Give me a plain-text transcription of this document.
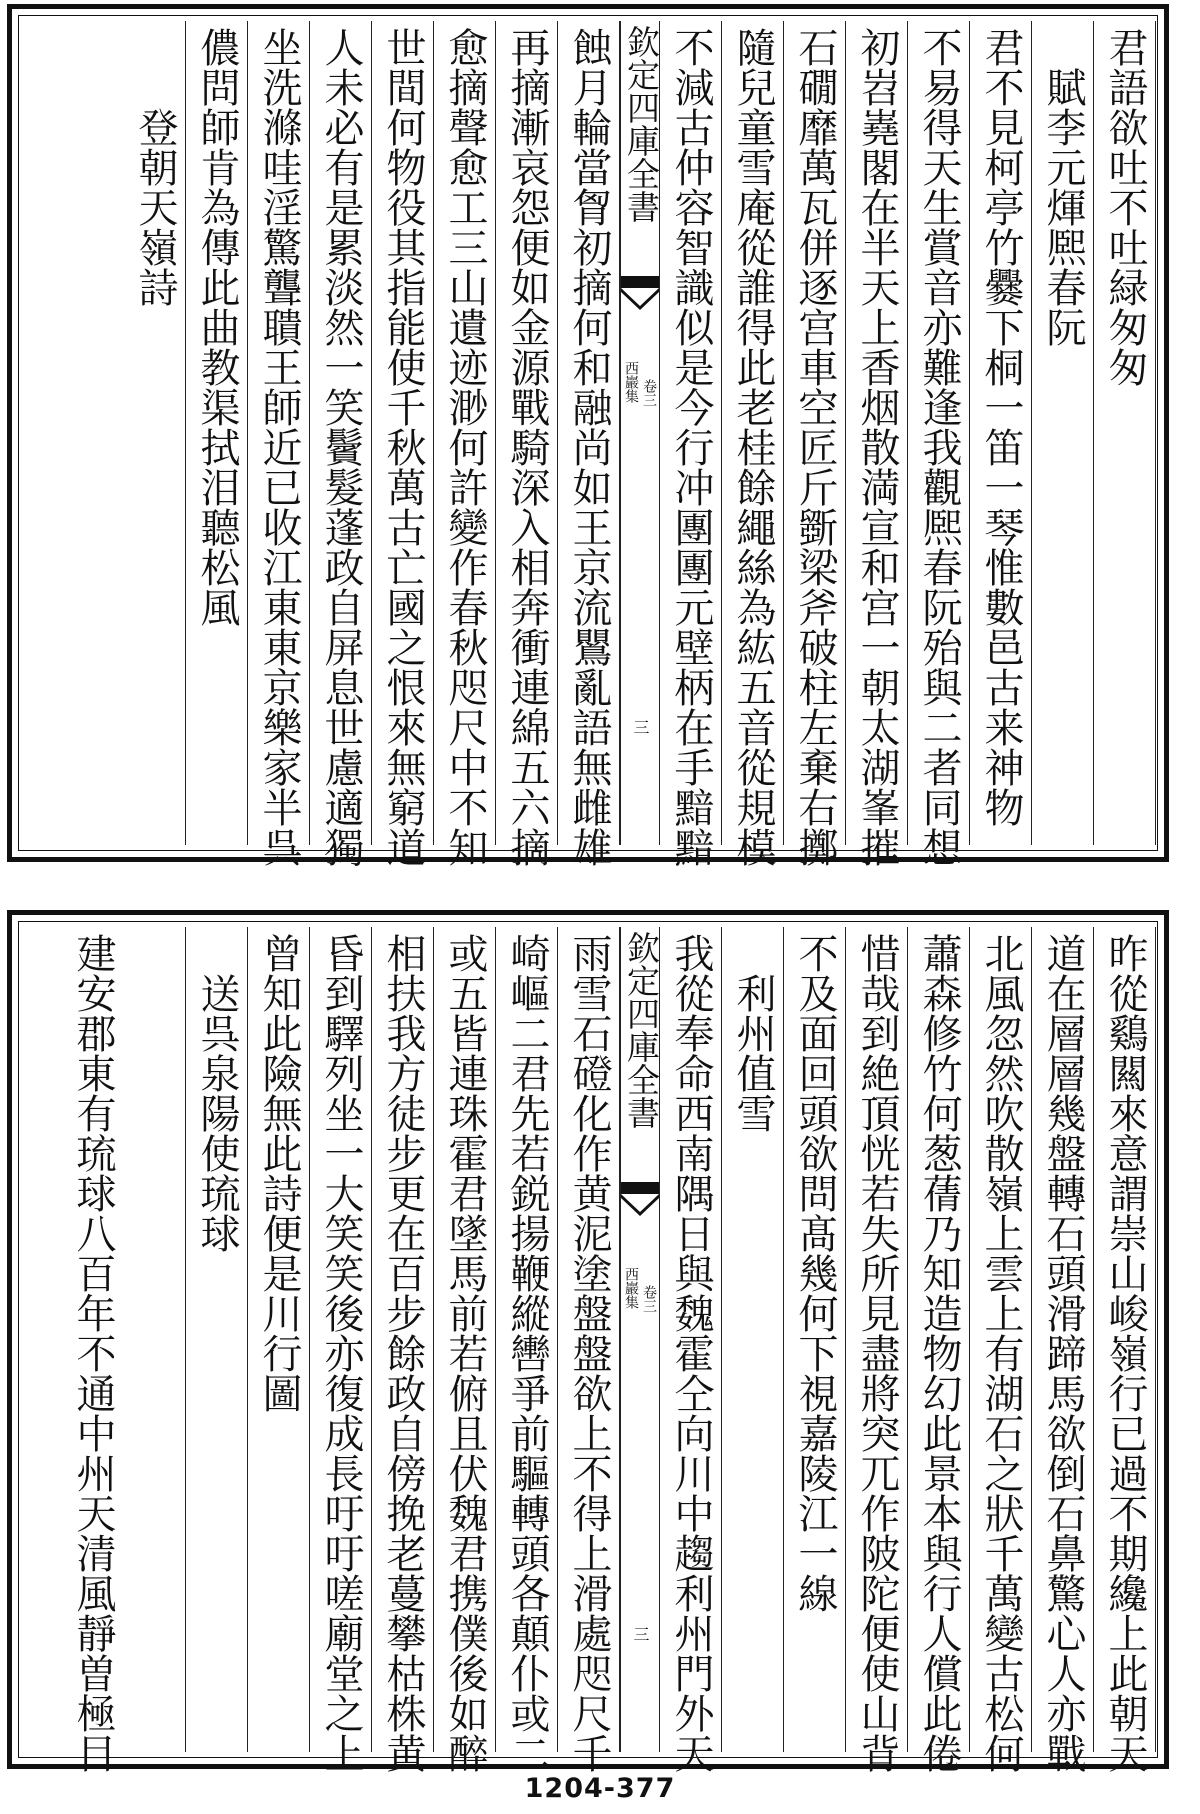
君語欲吐不吐緑匆匆
　賦李元煇熈春阮
君不見柯亭竹爨下桐一笛一琴惟數邑古来神物
不易得天生賞音亦難逢我觀熈春阮殆與二者同想
初岧嶤閣在半天上香烟散満宣和宫一朝太湖峯摧
石礀靡萬瓦併逐宫車空匠斤斵梁斧破柱左棄右擲
隨兒童雪庵從誰得此老桂餘繩絲為紘五音從規模
不減古仲容智識似是今行冲團團元壁柄在手黯黯
欽定四庫全書
西巖集 卷三
三
蝕月輪當胷初摘何和融尚如王京流鸎亂語無雌雄
再摘漸哀怨便如金源戰騎深入相奔衝連綿五六摘
愈摘聲愈工三山遺迹渺何許變作春秋咫尺中不知
世間何物役其指能使千秋萬古亡國之恨來無窮道
人未必有是累淡然一笑鬢髮蓬政自屏息世慮適獨
坐洗滌哇淫驚聾聵王師近已收江東東京樂家半呉
儂問師肯為傳此曲教渠拭泪聽松風
　　登朝天嶺詩
昨從鷄闗來意謂崇山峻嶺行已過不期纔上此朝天
道在層層幾盤轉石頭滑蹄馬欲倒石鼻驚心人亦戰
北風忽然吹散嶺上雲上有湖石之狀千萬變古松何
蕭森修竹何葱蒨乃知造物幻此景本與行人償此倦
惜哉到絶頂恍若失所見盡將突兀作陂陀便使山背
不及面回頭欲問髙幾何下視嘉陵江一線
　利州值雪
我從奉命西南隅日與魏霍仝向川中趨利州門外天
欽定四庫全書
西巖集 卷三
三
雨雪石磴化作黄泥塗盤盤欲上不得上滑處咫尺千
崎嶇二君先若鋭揚鞭縱轡爭前驅轉頭各顛仆或二
或五皆連珠霍君墜馬前若俯且伏魏君携僕後如醉
相扶我方徒步更在百步餘政自傍挽老蔓攀枯株黄
昏到驛列坐一大笑笑後亦復成長吁吁嗟廟堂之上
曾知此險無此詩便是川行圖
　送呉泉陽使琉球
建安郡東有琉球八百年不通中州天清風靜曽極目
1204-377
